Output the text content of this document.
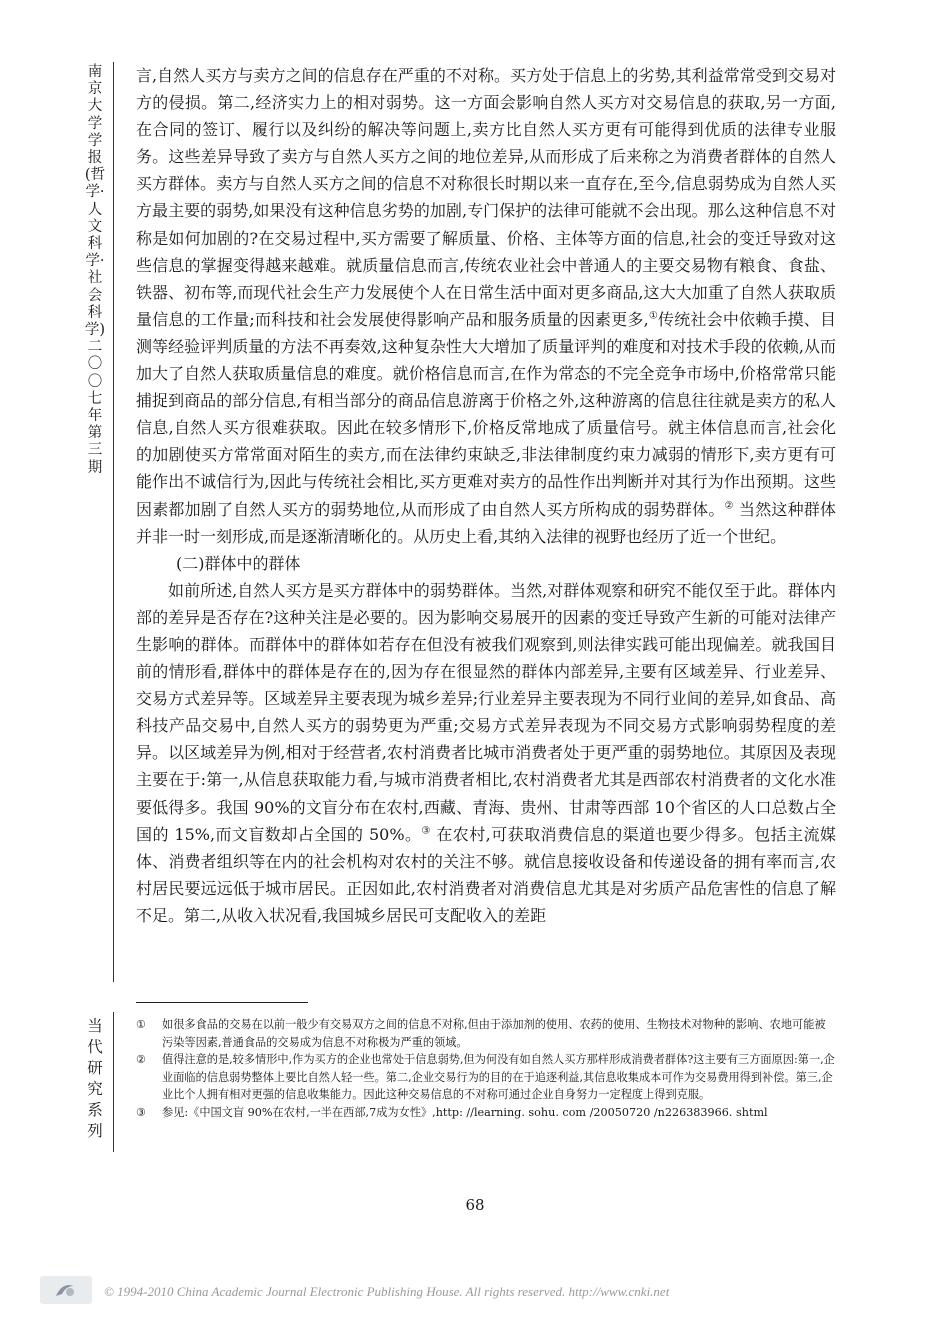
南京大学学报(哲学·人文科学·社会科学)二〇〇七年第三期

言,自然人买方与卖方之间的信息存在严重的不对称。买方处于信息上的劣势,其利益常常受到交易对方的侵损。第二,经济实力上的相对弱势。这一方面会影响自然人买方对交易信息的获取,另一方面,在合同的签订、履行以及纠纷的解决等问题上,卖方比自然人买方更有可能得到优质的法律专业服务。这些差异导致了卖方与自然人买方之间的地位差异,从而形成了后来称之为消费者群体的自然人买方群体。卖方与自然人买方之间的信息不对称很长时期以来一直存在,至今,信息弱势成为自然人买方最主要的弱势,如果没有这种信息劣势的加剧,专门保护的法律可能就不会出现。那么这种信息不对称是如何加剧的?在交易过程中,买方需要了解质量、价格、主体等方面的信息,社会的变迁导致对这些信息的掌握变得越来越难。就质量信息而言,传统农业社会中普通人的主要交易物有粮食、食盐、铁器、初布等,而现代社会生产力发展使个人在日常生活中面对更多商品,这大大加重了自然人获取质量信息的工作量;而科技和社会发展使得影响产品和服务质量的因素更多,①传统社会中依赖手摸、目测等经验评判质量的方法不再奏效,这种复杂性大大增加了质量评判的难度和对技术手段的依赖,从而加大了自然人获取质量信息的难度。就价格信息而言,在作为常态的不完全竞争市场中,价格常常只能捕捉到商品的部分信息,有相当部分的商品信息游离于价格之外,这种游离的信息往往就是卖方的私人信息,自然人买方很难获取。因此在较多情形下,价格反常地成了质量信号。就主体信息而言,社会化的加剧使买方常常面对陌生的卖方,而在法律约束缺乏,非法律制度约束力减弱的情形下,卖方更有可能作出不诚信行为,因此与传统社会相比,买方更难对卖方的品性作出判断并对其行为作出预期。这些因素都加剧了自然人买方的弱势地位,从而形成了由自然人买方所构成的弱势群体。② 当然这种群体并非一时一刻形成,而是逐渐清晰化的。从历史上看,其纳入法律的视野也经历了近一个世纪。

(二)群体中的群体

如前所述,自然人买方是买方群体中的弱势群体。当然,对群体观察和研究不能仅至于此。群体内部的差异是否存在?这种关注是必要的。因为影响交易展开的因素的变迁导致产生新的可能对法律产生影响的群体。而群体中的群体如若存在但没有被我们观察到,则法律实践可能出现偏差。就我国目前的情形看,群体中的群体是存在的,因为存在很显然的群体内部差异,主要有区域差异、行业差异、交易方式差异等。区域差异主要表现为城乡差异;行业差异主要表现为不同行业间的差异,如食品、高科技产品交易中,自然人买方的弱势更为严重;交易方式差异表现为不同交易方式影响弱势程度的差异。以区域差异为例,相对于经营者,农村消费者比城市消费者处于更严重的弱势地位。其原因及表现主要在于:第一,从信息获取能力看,与城市消费者相比,农村消费者尤其是西部农村消费者的文化水准要低得多。我国 90%的文盲分布在农村,西藏、青海、贵州、甘肃等西部 10个省区的人口总数占全国的 15%,而文盲数却占全国的 50%。③ 在农村,可获取消费信息的渠道也要少得多。包括主流媒体、消费者组织等在内的社会机构对农村的关注不够。就信息接收设备和传递设备的拥有率而言,农村居民要远远低于城市居民。正因如此,农村消费者对消费信息尤其是对劣质产品危害性的信息了解不足。第二,从收入状况看,我国城乡居民可支配收入的差距

当代研究系列
①	如很多食品的交易在以前一般少有交易双方之间的信息不对称,但由于添加剂的使用、农药的使用、生物技术对物种的影响、农地可能被污染等因素,普通食品的交易成为信息不对称极为严重的领域。
②	值得注意的是,较多情形中,作为买方的企业也常处于信息弱势,但为何没有如自然人买方那样形成消费者群体?这主要有三方面原因:第一,企业面临的信息弱势整体上要比自然人轻一些。第二,企业交易行为的目的在于追逐利益,其信息收集成本可作为交易费用得到补偿。第三,企业比个人拥有相对更强的信息收集能力。因此这种交易信息的不对称可通过企业自身努力一定程度上得到克服。
③	参见:《中国文盲 90%在农村,一半在西部,7成为女性》,http: //learning. sohu. com /20050720 /n226383966. shtml
68
© 1994-2010 China Academic Journal Electronic Publishing House. All rights reserved. http://www.cnki.net
